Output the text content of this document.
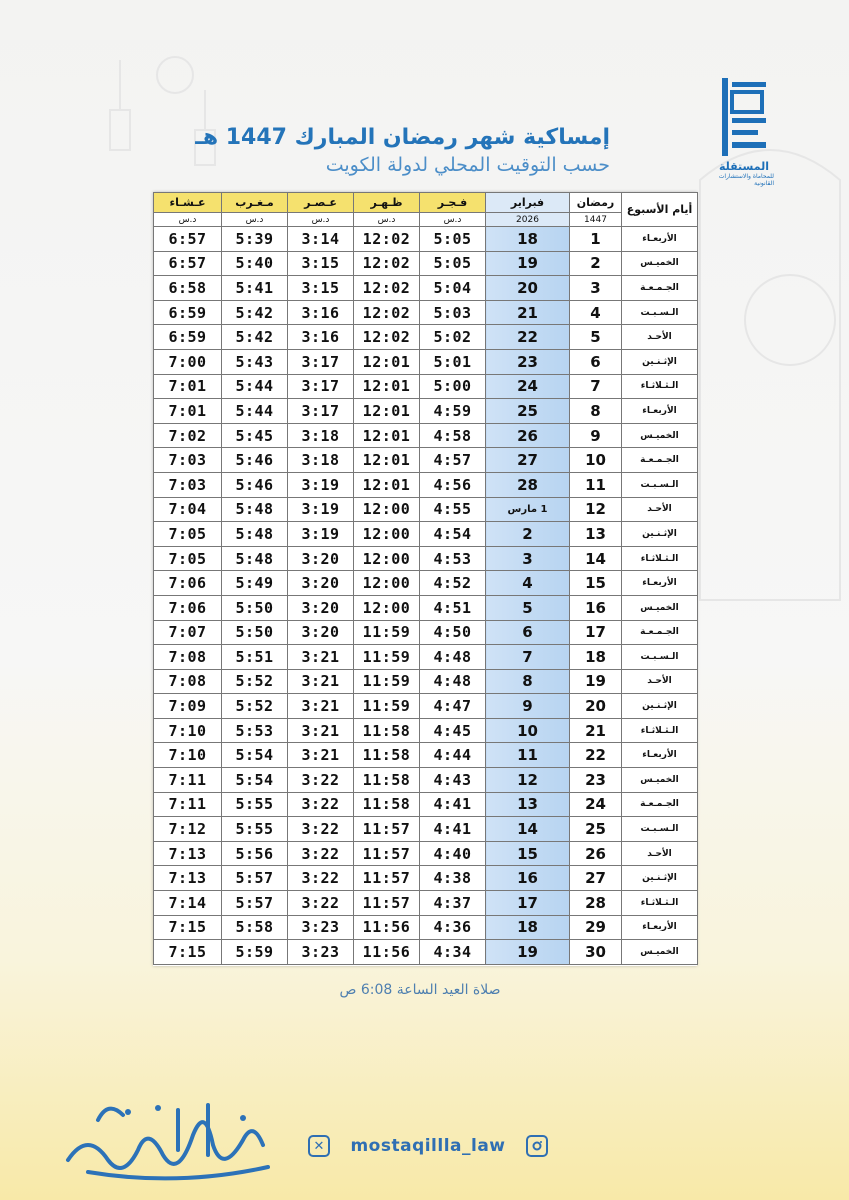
المستقلة
للمحاماة والاستشارات القانونية
إمساكية شهر رمضان المبارك 1447 هـ
حسب التوقيت المحلي لدولة الكويت
أيام الأسبوع	رمضان	فبراير	فـجـر	ظـهـر	عـصـر	مـغـرب	عـشـاء
	1447	2026	د.س	د.س	د.س	د.س	د.س
الأربعـاء	1	18	5:05	12:02	3:14	5:39	6:57
الخميـس	2	19	5:05	12:02	3:15	5:40	6:57
الجـمـعـة	3	20	5:04	12:02	3:15	5:41	6:58
الـسـبـت	4	21	5:03	12:02	3:16	5:42	6:59
الأحـد	5	22	5:02	12:02	3:16	5:42	6:59
الإثـنـين	6	23	5:01	12:01	3:17	5:43	7:00
الـثـلاثـاء	7	24	5:00	12:01	3:17	5:44	7:01
الأربعـاء	8	25	4:59	12:01	3:17	5:44	7:01
الخميـس	9	26	4:58	12:01	3:18	5:45	7:02
الجـمـعـة	10	27	4:57	12:01	3:18	5:46	7:03
الـسـبـت	11	28	4:56	12:01	3:19	5:46	7:03
الأحـد	12	1 مارس	4:55	12:00	3:19	5:48	7:04
الإثـنـين	13	2	4:54	12:00	3:19	5:48	7:05
الـثـلاثـاء	14	3	4:53	12:00	3:20	5:48	7:05
الأربعـاء	15	4	4:52	12:00	3:20	5:49	7:06
الخميـس	16	5	4:51	12:00	3:20	5:50	7:06
الجـمـعـة	17	6	4:50	11:59	3:20	5:50	7:07
الـسـبـت	18	7	4:48	11:59	3:21	5:51	7:08
الأحـد	19	8	4:48	11:59	3:21	5:52	7:08
الإثـنـين	20	9	4:47	11:59	3:21	5:52	7:09
الـثـلاثـاء	21	10	4:45	11:58	3:21	5:53	7:10
الأربعـاء	22	11	4:44	11:58	3:21	5:54	7:10
الخميـس	23	12	4:43	11:58	3:22	5:54	7:11
الجـمـعـة	24	13	4:41	11:58	3:22	5:55	7:11
الـسـبـت	25	14	4:41	11:57	3:22	5:55	7:12
الأحـد	26	15	4:40	11:57	3:22	5:56	7:13
الإثـنـين	27	16	4:38	11:57	3:22	5:57	7:13
الـثـلاثـاء	28	17	4:37	11:57	3:22	5:57	7:14
الأربعـاء	29	18	4:36	11:56	3:23	5:58	7:15
الخميـس	30	19	4:34	11:56	3:23	5:59	7:15
صلاة العيد الساعة 6:08 ص
✕	mostaqillla_law
